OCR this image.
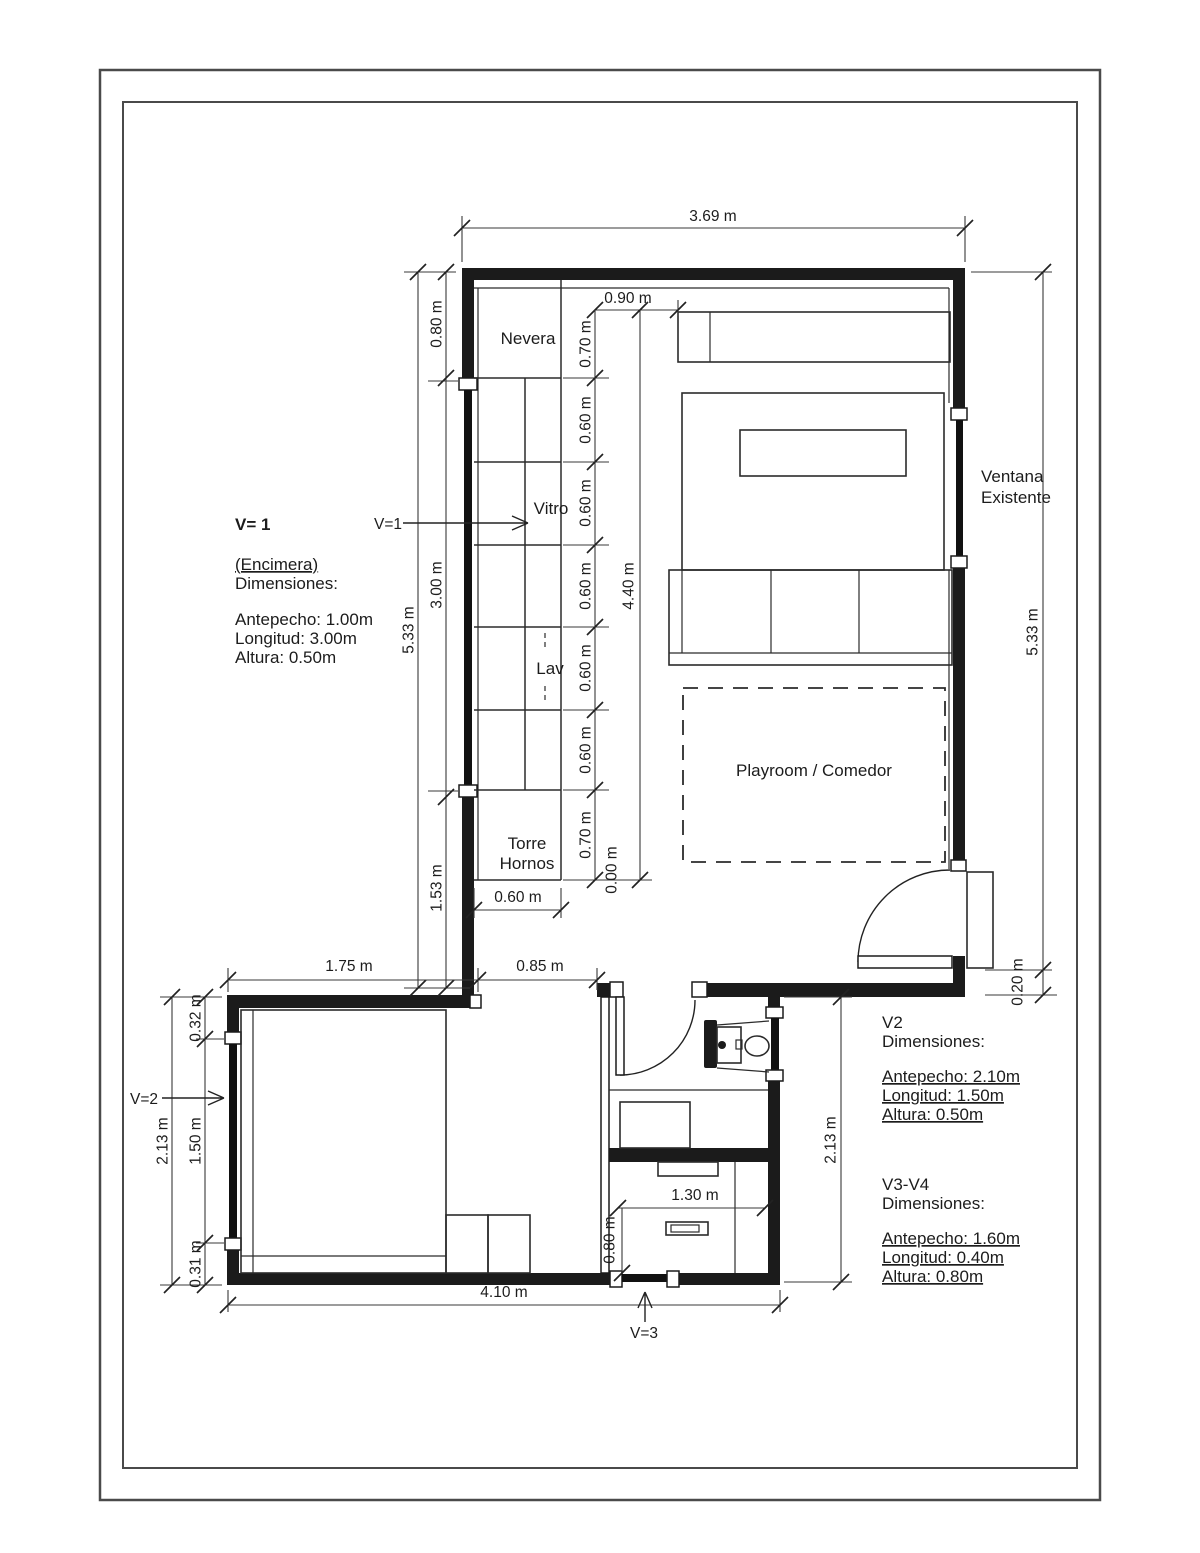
3.69 m
0.90 m
0.70 m
0.60 m
0.60 m
0.60 m
0.60 m
0.60 m
0.70 m
4.40 m
0.00 m
5.33 m
0.80 m
3.00 m
1.53 m	0.60 m
1.75 m	0.85 m
2.13 m
0.32 m
1.50 m
0.31 m
4.10 m
1.30 m
0.80 m
2.13 m
5.33 m
0.20 m
V=1
V=2
V=3
Nevera
Vitro
Lav
Torre
Hornos
Playroom / Comedor
Ventana
Existente
V= 1
(Encimera)
Dimensiones:
Antepecho: 1.00m
Longitud: 3.00m
Altura: 0.50m
V2
Dimensiones:
Antepecho: 2.10m
Longitud: 1.50m
Altura: 0.50m
V3-V4
Dimensiones:
Antepecho: 1.60m
Longitud: 0.40m
Altura: 0.80m
